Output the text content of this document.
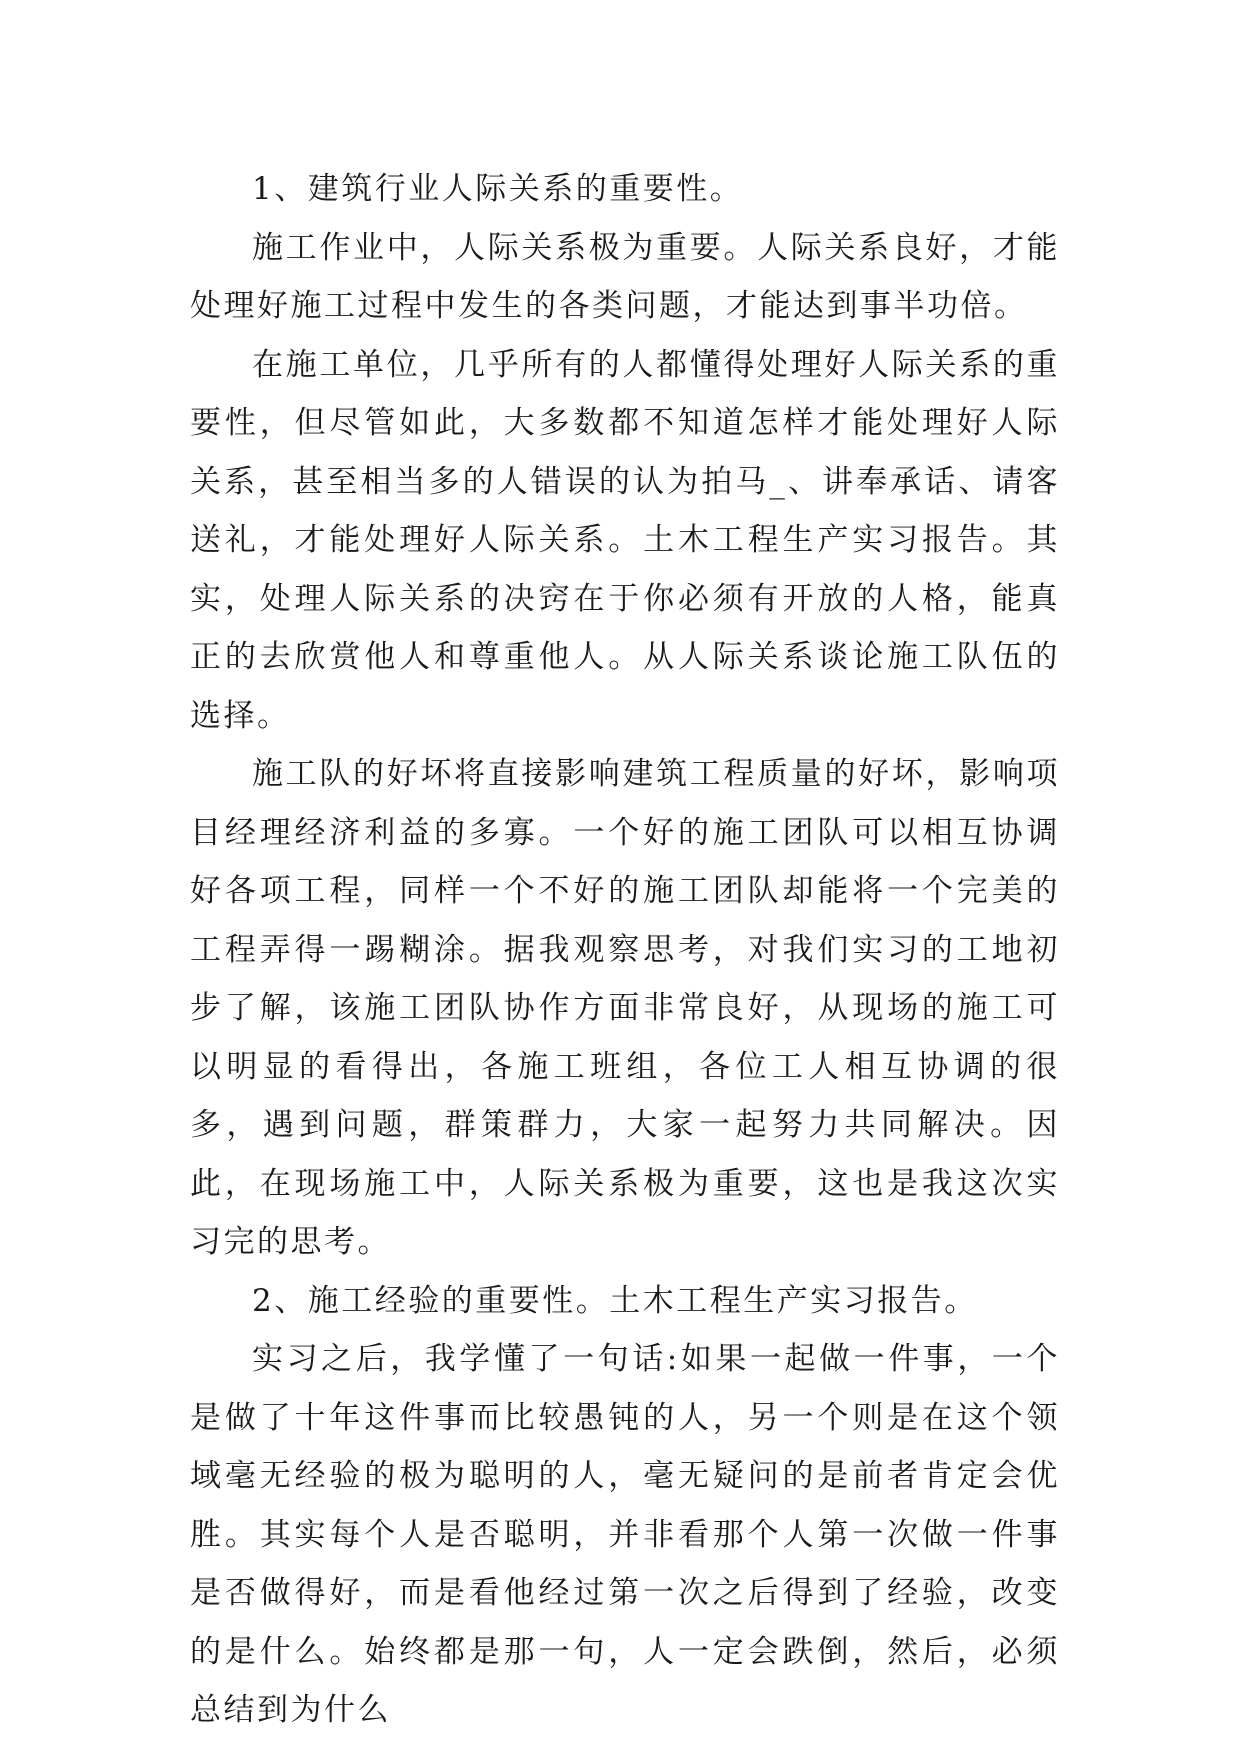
1、建筑行业人际关系的重要性。

施工作业中，人际关系极为重要。人际关系良好，才能处理好施工过程中发生的各类问题，才能达到事半功倍。

在施工单位，几乎所有的人都懂得处理好人际关系的重要性，但尽管如此，大多数都不知道怎样才能处理好人际关系，甚至相当多的人错误的认为拍马_、讲奉承话、请客送礼，才能处理好人际关系。土木工程生产实习报告。其实，处理人际关系的决窍在于你必须有开放的人格，能真正的去欣赏他人和尊重他人。从人际关系谈论施工队伍的选择。

施工队的好坏将直接影响建筑工程质量的好坏，影响项目经理经济利益的多寡。一个好的施工团队可以相互协调好各项工程，同样一个不好的施工团队却能将一个完美的工程弄得一踢糊涂。据我观察思考，对我们实习的工地初步了解，该施工团队协作方面非常良好，从现场的施工可以明显的看得出，各施工班组，各位工人相互协调的很多，遇到问题，群策群力，大家一起努力共同解决。因此，在现场施工中，人际关系极为重要，这也是我这次实习完的思考。

2、施工经验的重要性。土木工程生产实习报告。

实习之后，我学懂了一句话:如果一起做一件事，一个是做了十年这件事而比较愚钝的人，另一个则是在这个领域毫无经验的极为聪明的人，毫无疑问的是前者肯定会优胜。其实每个人是否聪明，并非看那个人第一次做一件事是否做得好，而是看他经过第一次之后得到了经验，改变的是什么。始终都是那一句，人一定会跌倒，然后，必须总结到为什么
